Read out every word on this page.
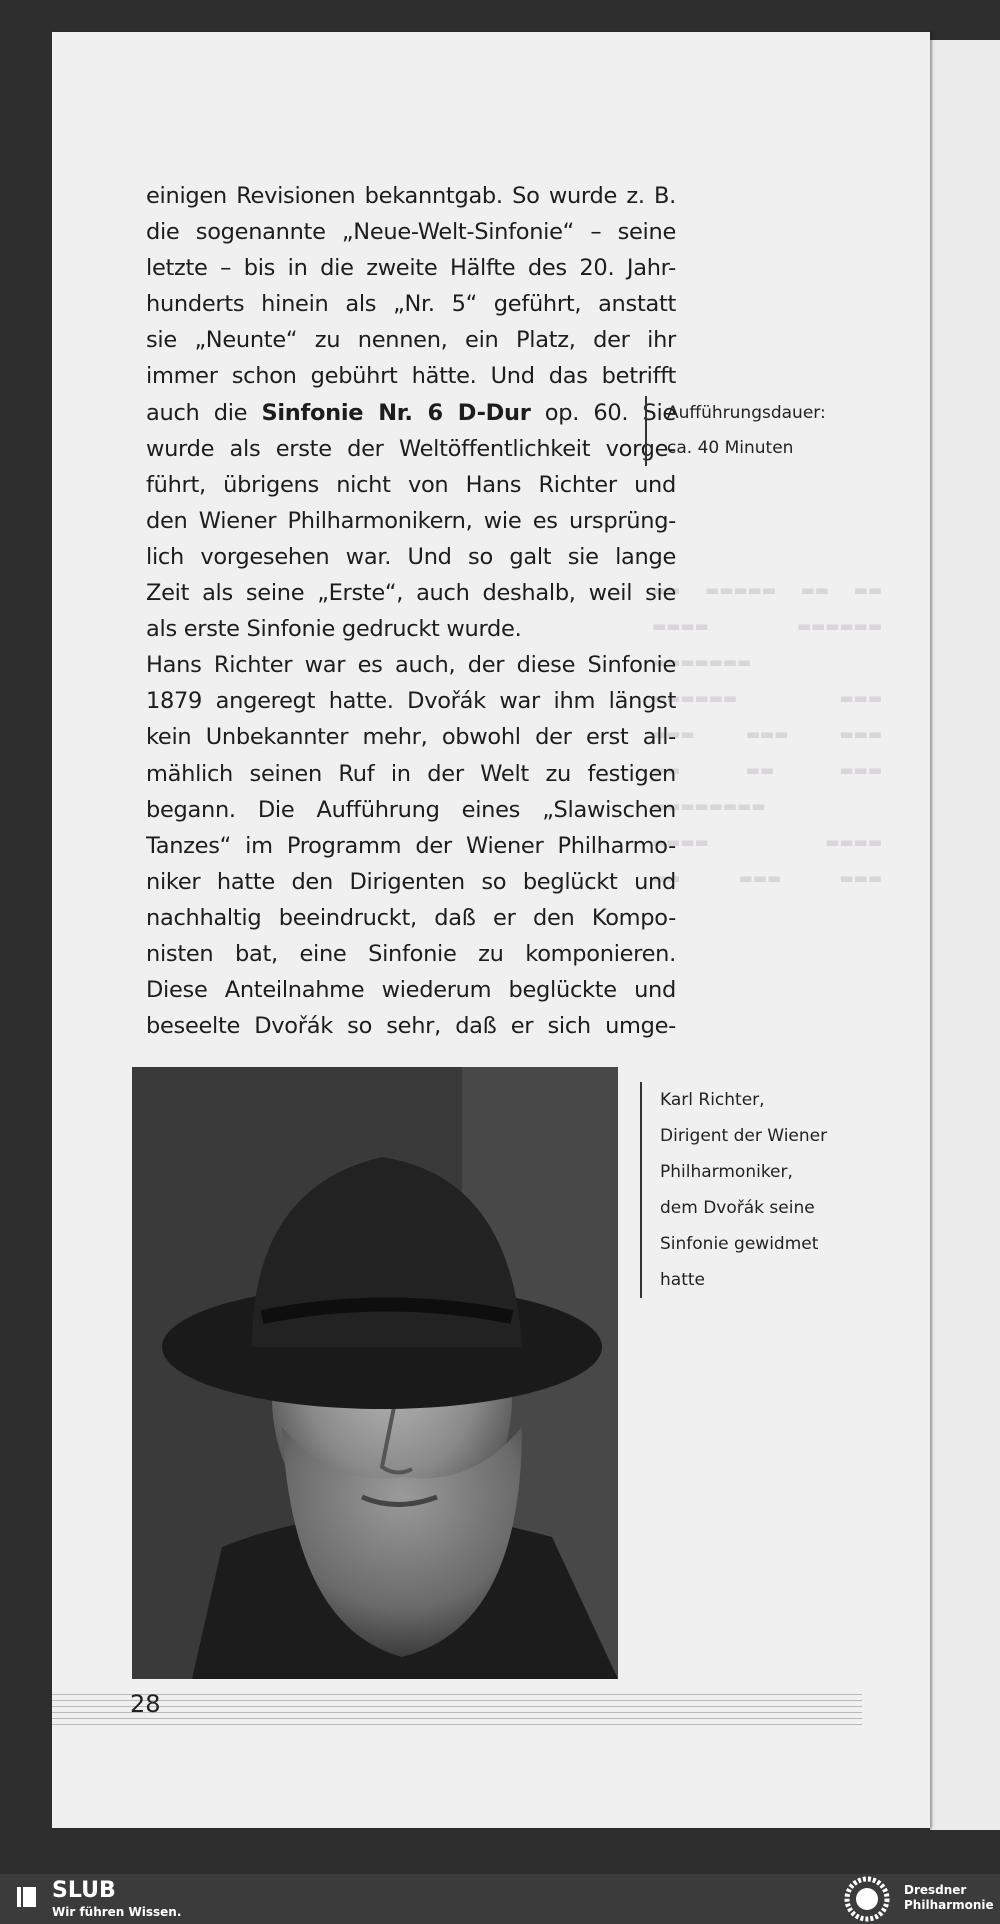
▬▬ ▬▬▬▬▬ ▬▬ ▬▬
▬▬▬▬ ▬▬▬▬▬▬
▬▬▬▬▬▬▬
▬▬▬▬▬▬ ▬▬▬
▬▬▬ ▬▬▬ ▬▬▬
▬▬ ▬▬ ▬▬▬
▬▬▬▬▬▬▬▬
▬▬▬▬ ▬▬▬▬
▬▬ ▬▬▬ ▬▬▬
einigen Revisionen bekanntgab. So wurde z. B.
die sogenannte „Neue-Welt-Sinfonie“ – seine
letzte – bis in die zweite Hälfte des 20. Jahr-
hunderts hinein als „Nr. 5“ geführt, anstatt
sie „Neunte“ zu nennen, ein Platz, der ihr
immer schon gebührt hätte. Und das betrifft
auch die Sinfonie Nr. 6 D-Dur op. 60. Sie
wurde als erste der Weltöffentlichkeit vorge-
führt, übrigens nicht von Hans Richter und
den Wiener Philharmonikern, wie es ursprüng-
lich vorgesehen war. Und so galt sie lange
Zeit als seine „Erste“, auch deshalb, weil sie
als erste Sinfonie gedruckt wurde.
Hans Richter war es auch, der diese Sinfonie
1879 angeregt hatte. Dvořák war ihm längst
kein Unbekannter mehr, obwohl der erst all-
mählich seinen Ruf in der Welt zu festigen
begann. Die Aufführung eines „Slawischen
Tanzes“ im Programm der Wiener Philharmo-
niker hatte den Dirigenten so beglückt und
nachhaltig beeindruckt, daß er den Kompo-
nisten bat, eine Sinfonie zu komponieren.
Diese Anteilnahme wiederum beglückte und
beseelte Dvořák so sehr, daß er sich umge-
Aufführungsdauer:
ca. 40 Minuten
Karl Richter,
Dirigent der Wiener
Philharmoniker,
dem Dvořák seine
Sinfonie gewidmet
hatte
28
SLUB
Wir führen Wissen.
Dresdner
Philharmonie
